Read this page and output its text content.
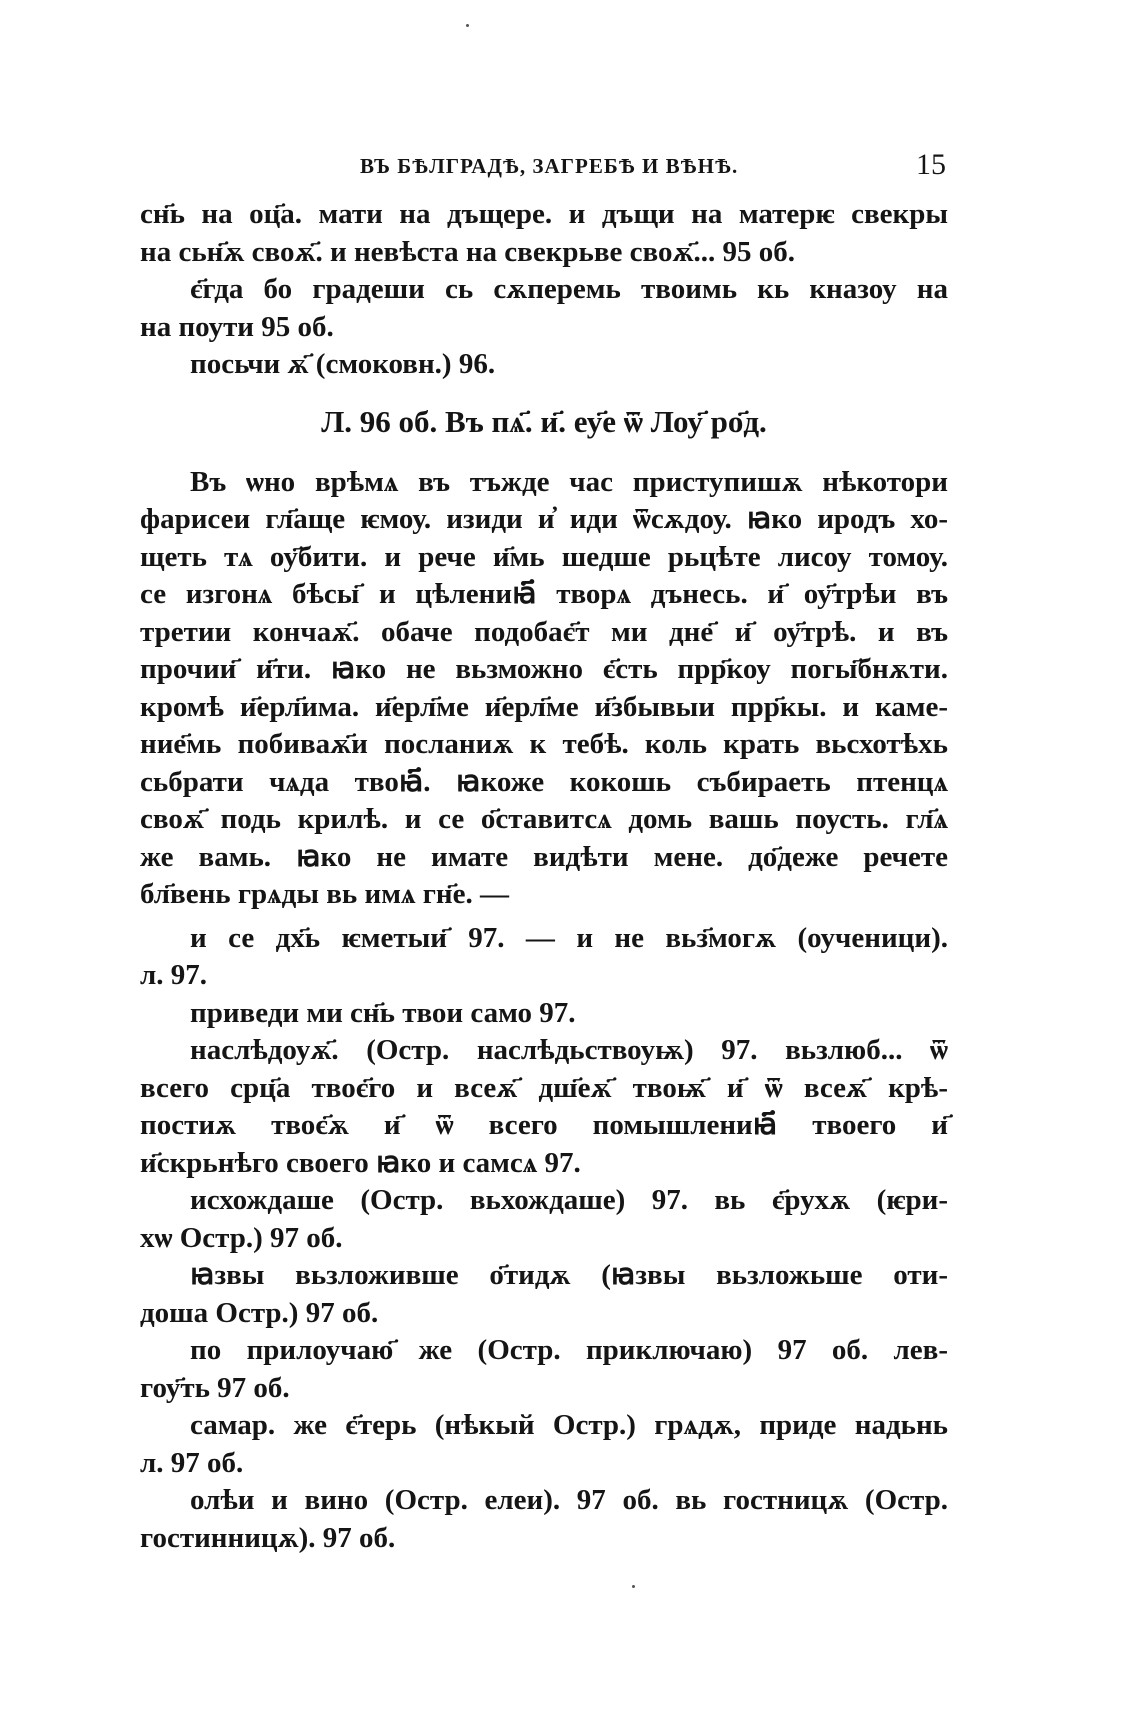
ВЪ БѢЛГРАДѢ, ЗАГРЕБѢ И ВѢНѢ.	15
сн҃ь на оц҃а. мати на дъщере. и дъщи на матерѥ свекры
на сьн҃ѫ своѫ҃. и невѣста на свекрьве своѫ҃... 95 об.
є҃гда бо градеши сь сѫперемь твоимь кь кназоу на
на поути 95 об.
посьчи ѫ҃ (смоковн.) 96.
Л. 96 об. Въ пѧ҃. и҃. еу҃е ѿ Лоу҃ ро҃д.
Въ ѡно врѣмѧ въ тъжде час приступишѫ нѣкотори
фарисеи гл҃аще ѥмоу. изиди и҆ иди ѿсѫдоу. ꙗко иродъ хо-
щеть тѧ оу҃бити. и рече и҃мь шедше рьцѣте лисоу томоу.
се изгонѧ бѣсы҃ и цѣлениꙗ҃ творѧ дънесь. и҃ оу҃трѣи въ
третии кончаѫ҃. обаче подобає҃т ми дне҃ и҃ оу҃трѣ. и въ
прочии҃ и҃ти. ꙗко не вьзможно є҃сть прр҃коу погы҃бнѫти.
кромѣ и҃ерл҃има. и҃ерл҃ме и҃ерл҃ме и҃збывыи прр҃кы. и каме-
ние҃мь побиваѫ҃и посланиѫ к тебѣ. коль крать вьсхотѣхь
сьбрати чѧда твоꙗ҃. ꙗкоже кокошь събираеть птенцѧ
своѫ҃ подь крилѣ. и се о҃ставитсѧ домь вашь поусть. гл҃ѧ
же вамь. ꙗко не имате видѣти мене. до҃деже речете
бл҃вень грѧды вь имѧ гн҃е. —
и се дх҃ь ѥметыи҃ 97. — и не вьз҃могѫ (оученици).
л. 97.
приведи ми сн҃ь твои само 97.
наслѣдоуѫ҃. (Остр. наслѣдьствоуѭ) 97. вьзлюб... ѿ
всего срц҃а твоє҃го и всеѫ҃ дш҃еѫ҃ твоѭ҃ и҃ ѿ всеѫ҃ крѣ-
постиѫ твоє҃ѫ и҃ ѿ всего помышлениꙗ҃ твоего и҃
и҃скрьнѣго своего ꙗко и самсѧ 97.
исхождаше (Остр. вьхождаше) 97. вь є҃рухѫ (ѥри-
хѡ Остр.) 97 об.
ꙗзвы вьзложивше о҃тидѫ (ꙗзвы вьзложьше оти-
доша Остр.) 97 об.
по прилоучаю҃ же (Остр. приключаю) 97 об. лев-
гоу҃ть 97 об.
самар. же є҃терь (нѣкый Остр.) грѧдѫ, приде надьнь
л. 97 об.
олѣи и вино (Остр. елеи). 97 об. вь гостницѫ (Остр.
гостинницѫ). 97 об.
